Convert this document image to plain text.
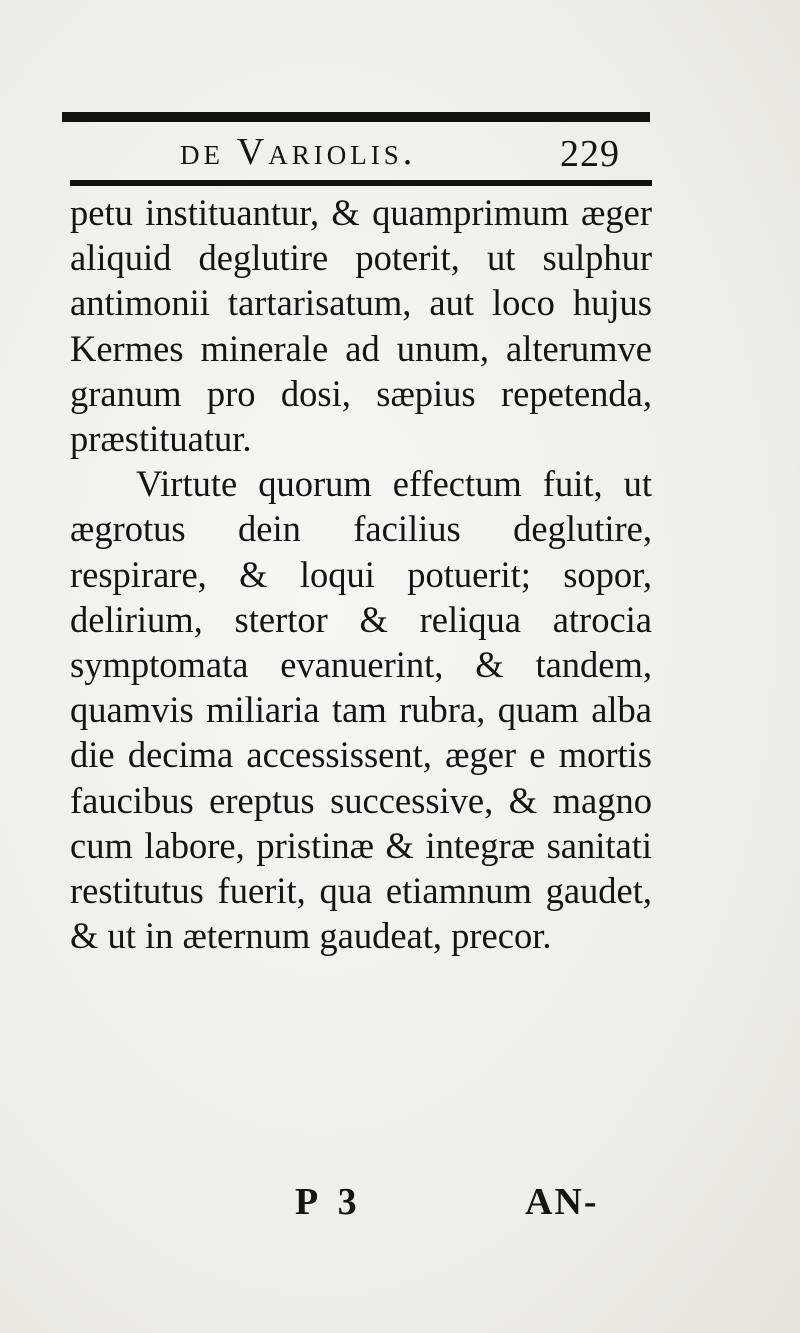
de Variolis.	229

petu instituantur, & quamprimum æger aliquid deglutire poterit, ut sulphur antimonii tartarisatum, aut loco hujus Kermes minerale ad unum, alterumve granum pro dosi, sæpius repetenda, præstituatur.

Virtute quorum effectum fuit, ut ægrotus dein facilius deglutire, respirare, & loqui potuerit; sopor, delirium, stertor & reliqua atrocia symptomata evanuerint, & tandem, quamvis miliaria tam rubra, quam alba die decima accessissent, æger e mortis faucibus ereptus successive, & magno cum labore, pristinæ & integræ sanitati restitutus fuerit, qua etiamnum gaudet, & ut in æternum gaudeat, precor.

P 3	AN-
